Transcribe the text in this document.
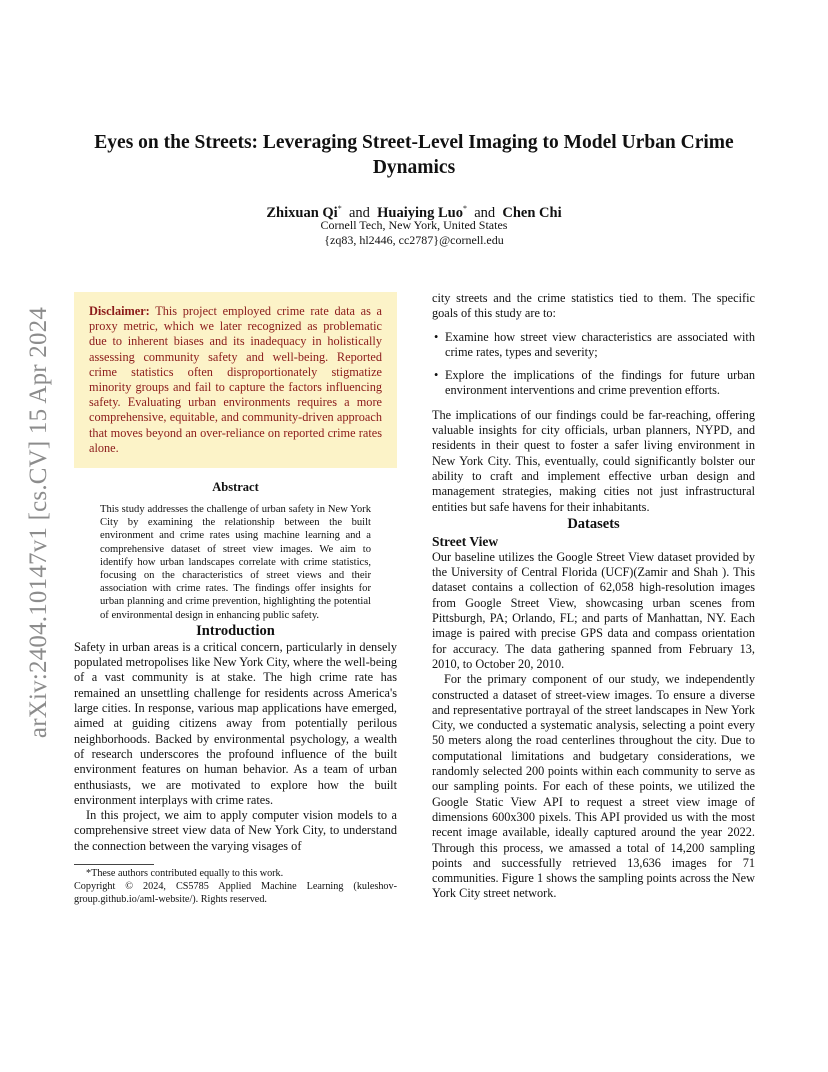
arXiv:2404.10147v1 [cs.CV] 15 Apr 2024
Eyes on the Streets: Leveraging Street-Level Imaging to Model Urban Crime Dynamics
Zhixuan Qi* and Huaiying Luo* and Chen Chi
Cornell Tech, New York, United States
{zq83, hl2446, cc2787}@cornell.edu
Disclaimer: This project employed crime rate data as a proxy metric, which we later recognized as problematic due to inherent biases and its inadequacy in holistically assessing community safety and well-being. Reported crime statistics often disproportionately stigmatize minority groups and fail to capture the factors influencing safety. Evaluating urban environments requires a more comprehensive, equitable, and community-driven approach that moves beyond an over-reliance on reported crime rates alone.
Abstract
This study addresses the challenge of urban safety in New York City by examining the relationship between the built environment and crime rates using machine learning and a comprehensive dataset of street view images. We aim to identify how urban landscapes correlate with crime statistics, focusing on the characteristics of street views and their association with crime rates. The findings offer insights for urban planning and crime prevention, highlighting the potential of environmental design in enhancing public safety.
Introduction

Safety in urban areas is a critical concern, particularly in densely populated metropolises like New York City, where the well-being of a vast community is at stake. The high crime rate has remained an unsettling challenge for residents across America's large cities. In response, various map applications have emerged, aimed at guiding citizens away from potentially perilous neighborhoods. Backed by environmental psychology, a wealth of research underscores the profound influence of the built environment features on human behavior. As a team of urban enthusiasts, we are motivated to explore how the built environment interplays with crime rates.

In this project, we aim to apply computer vision models to a comprehensive street view data of New York City, to understand the connection between the varying visages of

*These authors contributed equally to this work.
Copyright © 2024, CS5785 Applied Machine Learning (kuleshov-group.github.io/aml-website/). Rights reserved.

city streets and the crime statistics tied to them. The specific goals of this study are to:

• Examine how street view characteristics are associated with crime rates, types and severity;
• Explore the implications of the findings for future urban environment interventions and crime prevention efforts.

The implications of our findings could be far-reaching, offering valuable insights for city officials, urban planners, NYPD, and residents in their quest to foster a safer living environment in New York City. This, eventually, could significantly bolster our ability to craft and implement effective urban design and management strategies, making cities not just infrastructural entities but safe havens for their inhabitants.

Datasets
Street View

Our baseline utilizes the Google Street View dataset provided by the University of Central Florida (UCF)(Zamir and Shah ). This dataset contains a collection of 62,058 high-resolution images from Google Street View, showcasing urban scenes from Pittsburgh, PA; Orlando, FL; and parts of Manhattan, NY. Each image is paired with precise GPS data and compass orientation for accuracy. The data gathering spanned from February 13, 2010, to October 20, 2010.

For the primary component of our study, we independently constructed a dataset of street-view images. To ensure a diverse and representative portrayal of the street landscapes in New York City, we conducted a systematic analysis, selecting a point every 50 meters along the road centerlines throughout the city. Due to computational limitations and budgetary considerations, we randomly selected 200 points within each community to serve as our sampling points. For each of these points, we utilized the Google Static View API to request a street view image of dimensions 600x300 pixels. This API provided us with the most recent image available, ideally captured around the year 2022. Through this process, we amassed a total of 14,200 sampling points and successfully retrieved 13,636 images for 71 communities. Figure 1 shows the sampling points across the New York City street network.
